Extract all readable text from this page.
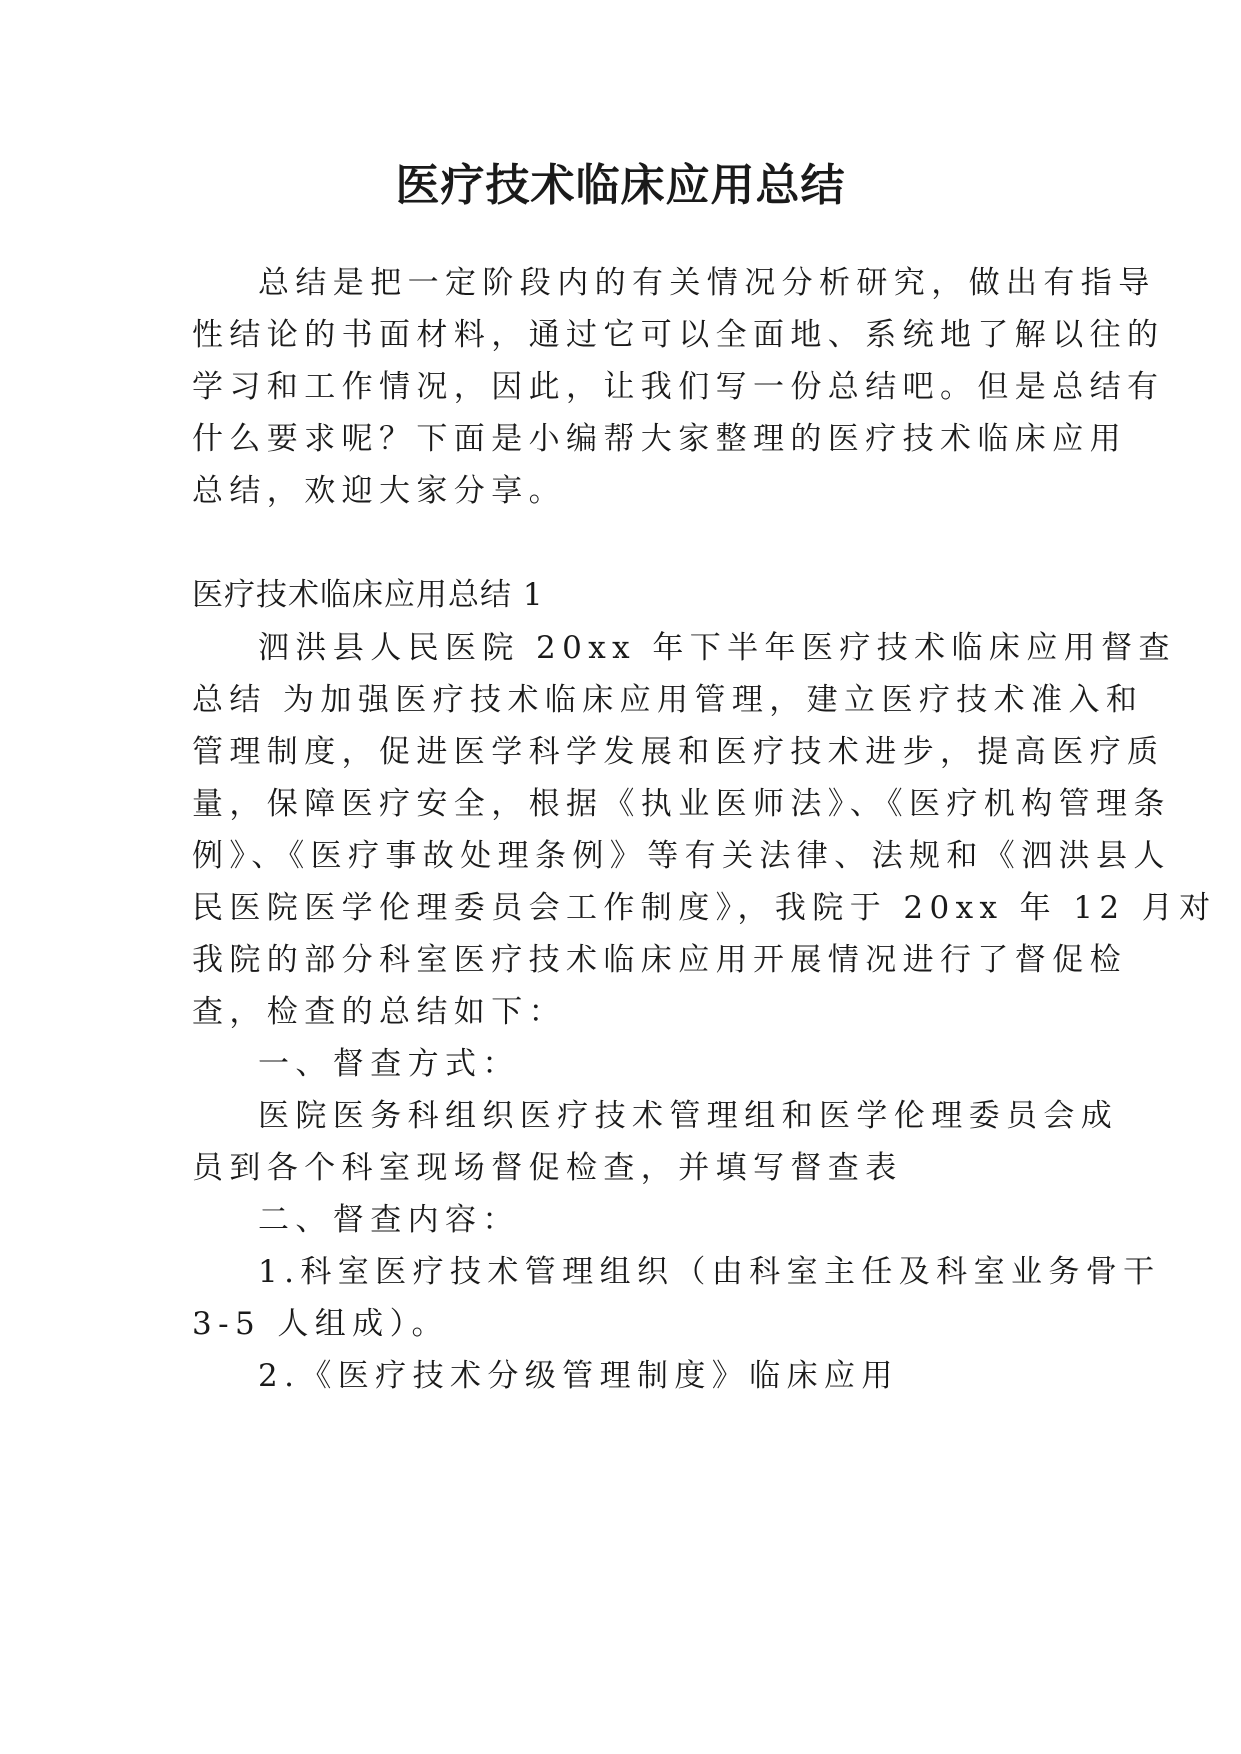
医疗技术临床应用总结
总结是把一定阶段内的有关情况分析研究，做出有指导
性结论的书面材料，通过它可以全面地、系统地了解以往的
学习和工作情况，因此，让我们写一份总结吧。但是总结有
什么要求呢？下面是小编帮大家整理的医疗技术临床应用
总结，欢迎大家分享。
医疗技术临床应用总结 1
泗洪县人民医院 20xx 年下半年医疗技术临床应用督查
总结 为加强医疗技术临床应用管理，建立医疗技术准入和
管理制度，促进医学科学发展和医疗技术进步，提高医疗质
量，保障医疗安全，根据《执业医师法》、《医疗机构管理条
例》、《医疗事故处理条例》等有关法律、法规和《泗洪县人
民医院医学伦理委员会工作制度》，我院于 20xx 年 12 月对
我院的部分科室医疗技术临床应用开展情况进行了督促检
查，检查的总结如下：
一、督查方式：
医院医务科组织医疗技术管理组和医学伦理委员会成
员到各个科室现场督促检查，并填写督查表
二、督查内容：
1.科室医疗技术管理组织（由科室主任及科室业务骨干
3-5 人组成）。
2.《医疗技术分级管理制度》临床应用
